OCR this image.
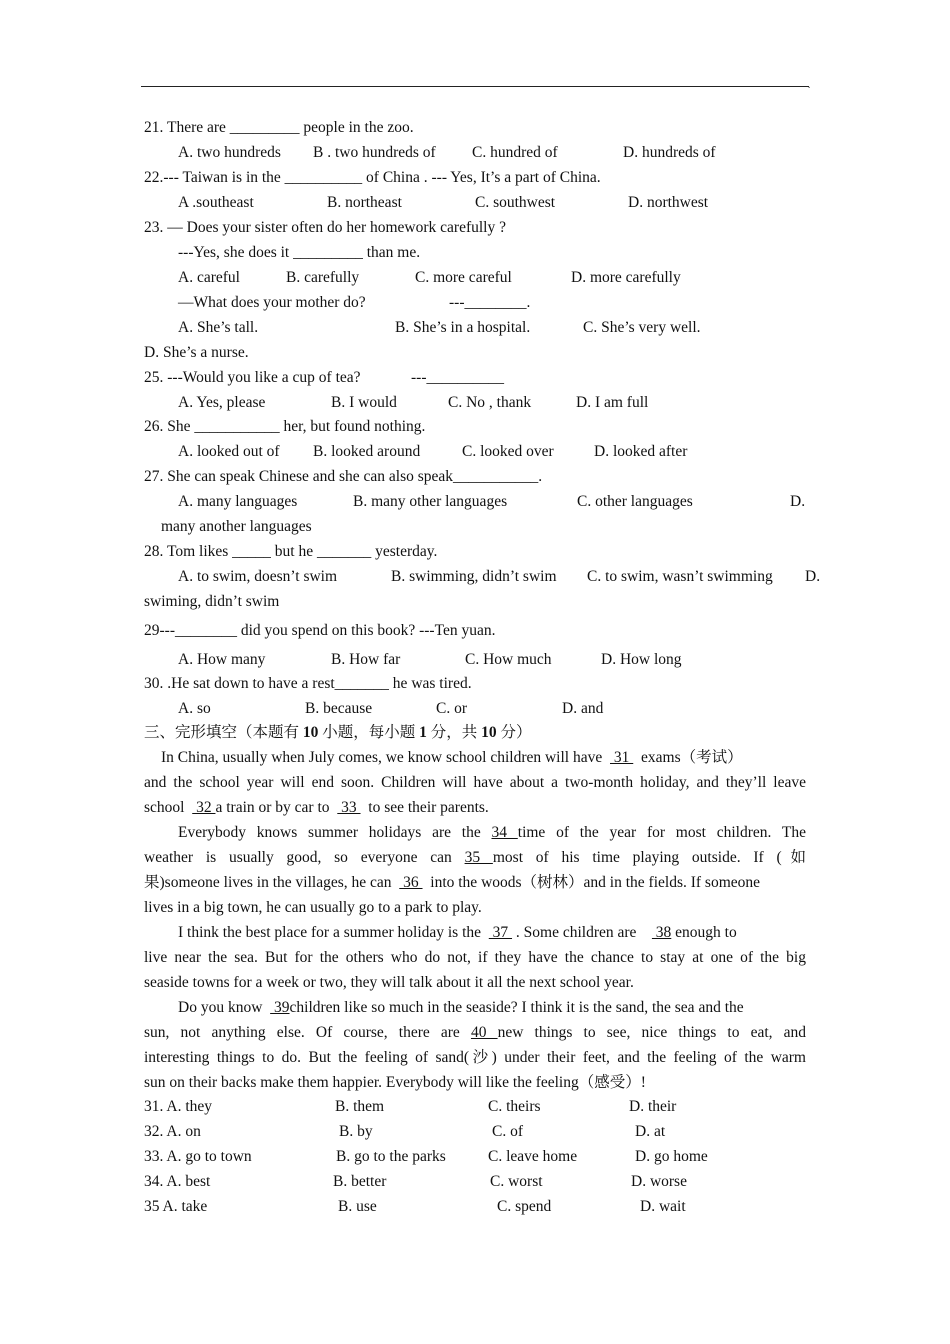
.
21. There are _________ people in the zoo.
A. two hundreds B . two hundreds of C. hundred of	D. hundreds of
22.--- Taiwan is in the __________ of China . --- Yes, It’s a part of China.
A .southeast	B. northeast	C. southwest	D. northwest
23. — Does your sister often do her homework carefully ?
---Yes, she does it _________ than me.
A. careful	B. carefully	C. more careful	D. more carefully
—What does your mother do?	---________.
A. She’s tall.	B. She’s in a hospital.	C. She’s very well.
D. She’s a nurse.
25. ---Would you like a cup of tea?	---__________
A. Yes, please	B. I would	C. No , thank	D. I am full
26. She ___________ her, but found nothing.
A. looked out of B. looked around	C. looked over	D. looked after
27. She can speak Chinese and she can also speak___________.
A. many languages	B. many other languages	C. other languages	D.
many another languages
28. Tom likes _____ but he _______ yesterday.
A. to swim, doesn’t swim	B. swimming, didn’t swim C. to swim, wasn’t swimming D.
swiming, didn’t swim
29---________ did you spend on this book? ---Ten yuan.
A. How many	B. How far	C. How much	D. How long
30. .He sat down to have a rest_______ he was tired.
A. so	B. because	C. or	D. and
三、完形填空（本题有 10 小题，每小题 1 分，共 10 分）
In China, usually when July comes, we know school children will have   31   exams（考试）
and the school year will end soon. Children will have about a two-month holiday, and they’ll leave
school   32 a train or by car to   33   to see their parents.
Everybody knows summer holidays are the 34 time of the year for most children. The
weather is usually good, so everyone can 35 most of his time playing outside. If (如
果)someone lives in the villages, he can   36   into the woods（树林）and in the fields. If someone
lives in a big town, he can usually go to a park to play.
I think the best place for a summer holiday is the   37  . Some children are     38 enough to
live near the sea. But for the others who do not, if they have the chance to stay at one of the big
seaside towns for a week or two, they will talk about it all the next school year.
Do you know   39children like so much in the seaside? I think it is the sand, the sea and the
sun, not anything else. Of course, there are 40 new things to see, nice things to eat, and
interesting things to do. But the feeling of sand(沙) under their feet, and the feeling of the warm
sun on their backs make them happier. Everybody will like the feeling（感受）!
31. A. they	B. them	C. theirs	D. their
32. A. on	B. by	C. of	D. at
33. A. go to town	B. go to the parks	C. leave home	D. go home
34. A. best	B. better	C. worst	D. worse
35 A. take	B. use	C. spend	D. wait
